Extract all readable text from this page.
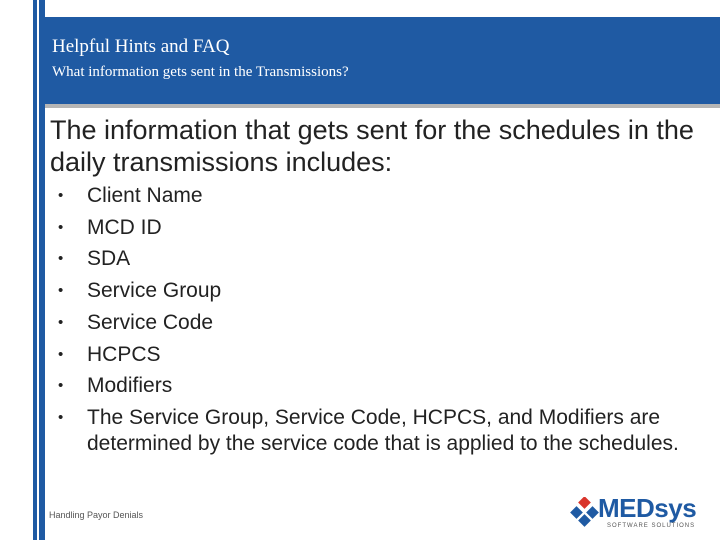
Helpful Hints and FAQ
What information gets sent in the Transmissions?
The information that gets sent for the schedules in the daily transmissions includes:
• Client Name
• MCD ID
• SDA
• Service Group
• Service Code
• HCPCS
• Modifiers
• The Service Group, Service Code, HCPCS, and Modifiers are determined by the service code that is applied to the schedules.
Handling Payor Denials	MEDsys
SOFTWARE SOLUTIONS
